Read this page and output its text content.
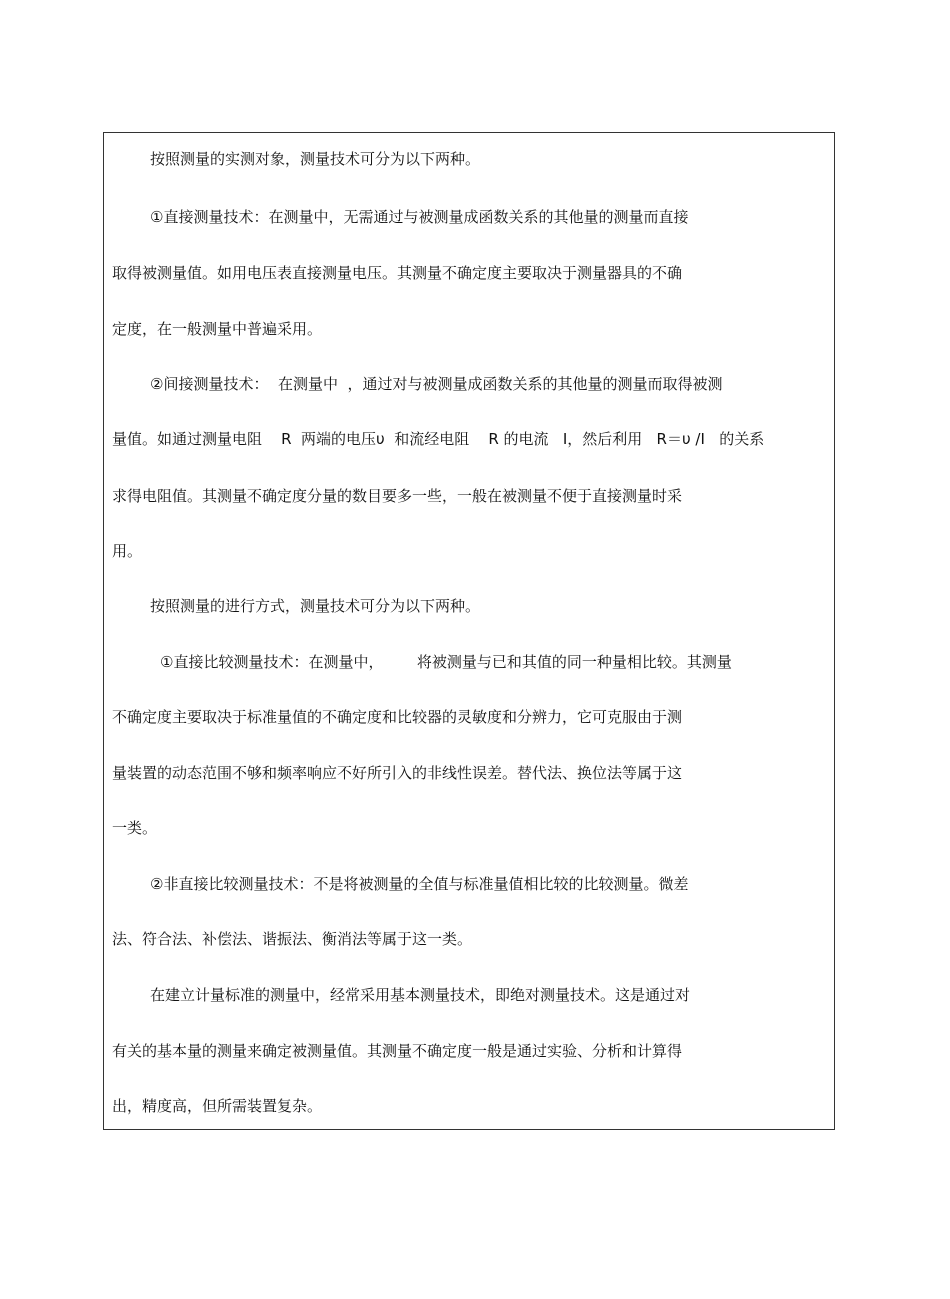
按照测量的实测对象，测量技术可分为以下两种。
①直接测量技术：在测量中，无需通过与被测量成函数关系的其他量的测量而直接
取得被测量值。如用电压表直接测量电压。其测量不确定度主要取决于测量器具的不确
定度，在一般测量中普遍采用。
②间接测量技术：  在测量中  ，通过对与被测量成函数关系的其他量的测量而取得被测
量值。如通过测量电阻    R  两端的电压υ  和流经电阻    R 的电流   I，然后利用   R＝υ /I   的关系
求得电阻值。其测量不确定度分量的数目要多一些，一般在被测量不便于直接测量时采
用。
按照测量的进行方式，测量技术可分为以下两种。
①直接比较测量技术：在测量中，       将被测量与已和其值的同一种量相比较。其测量
不确定度主要取决于标准量值的不确定度和比较器的灵敏度和分辨力，它可克服由于测
量装置的动态范围不够和频率响应不好所引入的非线性误差。替代法、换位法等属于这
一类。
②非直接比较测量技术：不是将被测量的全值与标准量值相比较的比较测量。微差
法、符合法、补偿法、谐振法、衡消法等属于这一类。
在建立计量标准的测量中，经常采用基本测量技术，即绝对测量技术。这是通过对
有关的基本量的测量来确定被测量值。其测量不确定度一般是通过实验、分析和计算得
出，精度高，但所需装置复杂。
